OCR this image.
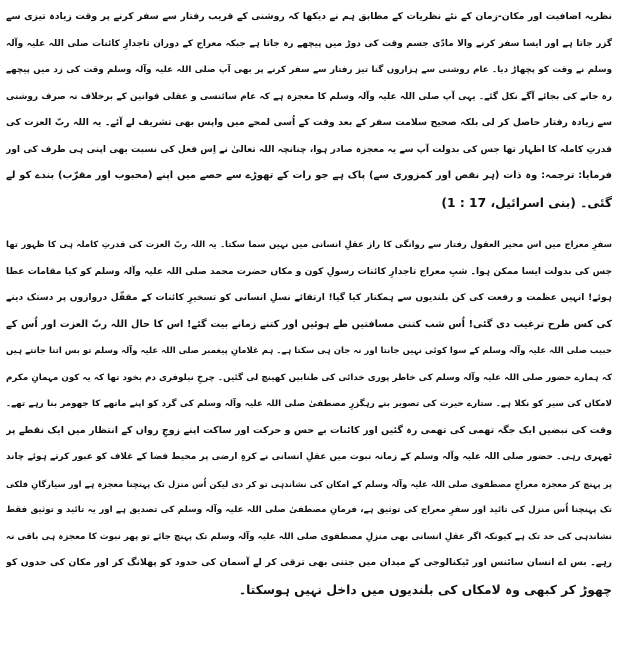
نظریہ اضافیت اور مکان-زمان کے نئے نظریات کے مطابق ہم نے دیکھا کہ روشنی کے قریب رفتار سے سفر کرنے پر وقت زیادہ تیزی سے

گزر جاتا ہے اور ایسا سفر کرنے والا مادّی جسم وقت کی دوڑ میں پیچھے رہ جاتا ہے جبکہ معراج کے دوران تاجدارِ کائنات صلی اللہ علیہ وآلہ

وسلم نے وقت کو پچھاڑ دیا۔ عام روشنی سے ہزاروں گنا تیز رفتار سے سفر کرنے پر بھی آپ صلی اللہ علیہ وآلہ وسلم وقت کی زد میں پیچھے

رہ جانے کی بجائے آگے نکل گئے۔ یہی آپ صلی اللہ علیہ وآلہ وسلم کا معجزہ ہے کہ عام سائنسی و عقلی قوانین کے برخلاف نہ صرف روشنی

سے زیادہ رفتار حاصل کر لی بلکہ صحیح سلامت سفر کے بعد وقت کے اُسی لمحے میں واپس بھی تشریف لے آئے۔ یہ اللہ ربّ العزت کی

قدرتِ کاملہ کا اظہار تھا جس کی بدولت آپ سے یہ معجزہ صادر ہوا، چنانچہ اللہ تعالیٰ نے اِس فعل کی نسبت بھی اپنی ہی طرف کی اور

فرمایا: ترجمہ: وہ ذات (ہر نقص اور کمزوری سے) پاک ہے جو رات کے تھوڑے سے حصے میں اپنے (محبوب اور مقرّب) بندے کو لے

گئی۔ (بنی اسرائیل، 17 : 1)

سفرِ معراج میں اس محیر العقول رفتار سے روانگی کا راز عقلِ انسانی میں نہیں سما سکتا۔ یہ اللہ ربّ العزت کی قدرتِ کاملہ ہی کا ظہور تھا

جس کی بدولت ایسا ممکن ہوا۔ شبِ معراج تاجدارِ کائنات رسولِ کون و مکاں حضرت محمد صلی اللہ علیہ وآلہ وسلم کو کیا مقامات عطا

ہوئے! انہیں عظمت و رفعت کی کن بلندیوں سے ہمکنار کیا گیا! ارتقائے نسلِ انسانی کو تسخیرِ کائنات کے مقفّل دروازوں پر دستک دینے

کی کس طرح ترغیب دی گئی! اُس شب کتنی مسافتیں طے ہوئیں اور کتنے زمانے بیت گئے! اس کا حال اللہ ربّ العزت اور اُس کے

حبیب صلی اللہ علیہ وآلہ وسلم کے سوا کوئی نہیں جانتا اور نہ جان ہی سکتا ہے۔ ہم غلامانِ پیغمبر صلی اللہ علیہ وآلہ وسلم تو بس اتنا جانتے ہیں

کہ ہمارے حضور صلی اللہ علیہ وآلہ وسلم کی خاطر پوری خدائی کی طنابیں کھینچ لی گئیں۔ چرخِ نیلوفری دم بخود تھا کہ یہ کون مہمانِ مکرم

لامکاں کی سیر کو نکلا ہے۔ ستارے حیرت کی تصویر بنے رہگزرِ مصطفیٰ صلی اللہ علیہ وآلہ وسلم کی گرد کو اپنے ماتھے کا جھومر بنا رہے تھے۔

وقت کی نبضیں ایک جگہ تھمی کی تھمی رہ گئیں اور کائنات بے حس و حرکت اور ساکت اپنے زوجِ رواں کے انتظار میں ایک نقطے پر

ٹھہری رہی۔ حضور صلی اللہ علیہ وآلہ وسلم کے زمانہ نبوت میں عقلِ انسانی نے کرہِ ارضی پر محیط فضا کے غلاف کو عبور کرتے ہوئے چاند

پر پہنچ کر معجزہ معراجِ مصطفوی صلی اللہ علیہ وآلہ وسلم کے امکان کی نشاندہی تو کر دی لیکن اُس منزل تک پہنچنا معجزہ ہے اور سیارگانِ فلکی

تک پہنچنا اُس منزل کی تائید اور سفرِ معراج کی توثیق ہے، فرمانِ مصطفیٰ صلی اللہ علیہ وآلہ وسلم کی تصدیق ہے اور یہ تائید و توثیق فقط

نشاندہی کی حد تک ہے کیونکہ اگر عقلِ انسانی بھی منزلِ مصطفوی صلی اللہ علیہ وآلہ وسلم تک پہنچ جائے تو پھر نبوت کا معجزہ ہی باقی نہ

رہے۔ بس اے انسان سائنس اور ٹیکنالوجی کے میدان میں جتنی بھی ترقی کر لے آسمان کی حدود کو پھلانگ کر اور مکان کی حدوں کو

چھوڑ کر کبھی وہ لامکاں کی بلندیوں میں داخل نہیں ہوسکتا۔
